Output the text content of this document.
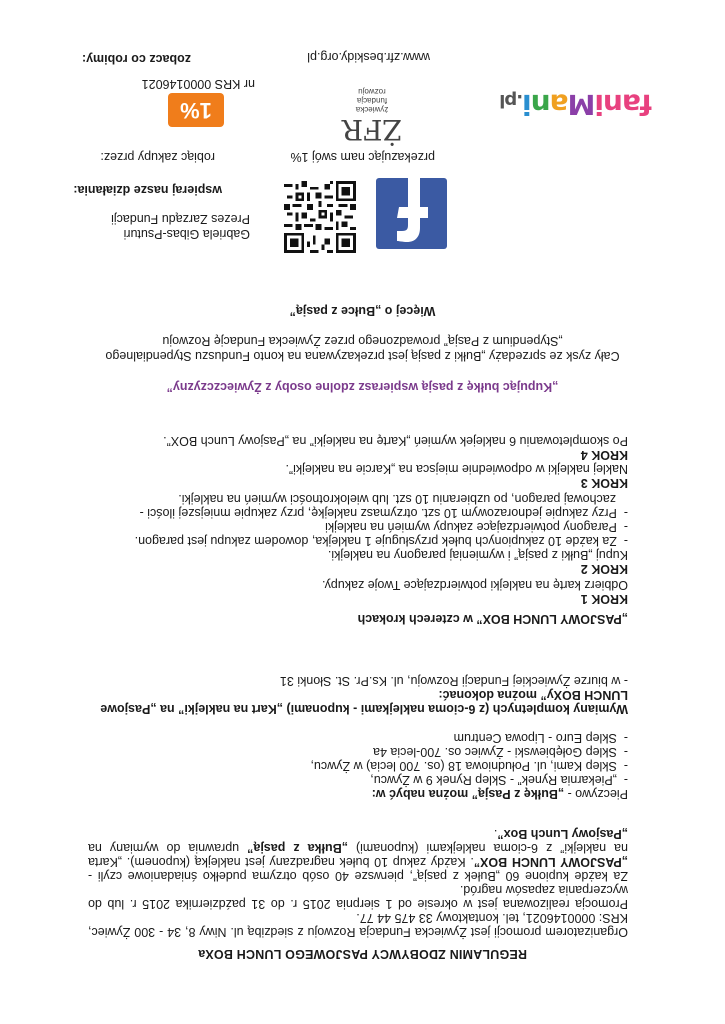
REGULAMIN ZDOBYWCY PASJOWEGO LUNCH BOXa
Organizatorem promocji jest Żywiecka Fundacja Rozwoju z siedzibą ul. Niwy 8, 34 - 300 Żywiec, KRS: 0000146021, tel. kontaktowy 33 475 44 77.
Promocja realizowana jest w okresie od 1 sierpnia 2015 r. do 31 października 2015 r. lub do wyczerpania zapasów nagród.
Za każde kupione 60 „Bułek z pasją”, pierwsze 40 osób otrzyma pudełko śniadaniowe czyli - „PASJOWY LUNCH BOX”. Każdy zakup 10 bułek nagradzany jest naklejką (kuponem). „Karta na naklejki” z 6-cioma naklejkami (kuponami) „Bułka z pasją” uprawnia do wymiany na „Pasjowy Lunch Box”.
Pieczywo - „Bułkę z Pasją” można nabyć w:
-  „Piekarnia Rynek” - Sklep Rynek 9 w Żywcu,
-  Sklep Kami, ul. Południowa 18 (os. 700 lecia) w Żywcu,
-  Sklep Gołębiewski - Żywiec os. 700-lecia 4a
-  Sklep Euro - Lipowa Centrum
Wymiany kompletnych (z 6-cioma naklejkami - kuponami) „Kart na naklejki” na „Pasjowe LUNCH BOXy” można dokonać:
- w biurze Żywieckiej Fundacji Rozwoju, ul. Ks.Pr. St. Słonki 31
„PASJOWY LUNCH BOX” w czterech krokach
KROK 1
Odbierz kartę na naklejki potwierdzające Twoje zakupy.
KROK 2
Kupuj „Bułki z pasją” i wymieniaj paragony na naklejki.
-  Za każde 10 zakupionych bułek przysługuje 1 naklejka, dowodem zakupu jest paragon.
-  Paragony potwierdzające zakupy wymień na naklejki
-  Przy zakupie jednorazowym 10 szt. otrzymasz naklejkę, przy zakupie mniejszej ilości - zachowaj paragon, po uzbieraniu 10 szt. lub wielokrotności wymień na naklejki.
KROK 3
Naklej naklejki w odpowiednie miejsca na „Karcie na naklejki”.
KROK 4
Po skompletowaniu 6 naklejek wymień „Kartę na naklejki” na „Pasjowy Lunch BOX”.
„Kupując bułkę z pasją wspierasz zdolne osoby z Żywieczczyzny”
Cały zysk ze sprzedaży „Bułki z pasją jest przekazywana na konto Funduszu Stypendialnego
„Stypendium z Pasją” prowadzonego przez Żywiecka Fundację Rozwoju
Więcej o „Bułce z pasją”
Gabriela Gibas-Psuturi
Prezes Zarządu Fundacji
wspieraj nasze działania:
robiąc zakupy przez:	przekazując nam swój 1%
nr KRS 0000146021
faniMani.pl
ŻFR
żywiecka
fundacja
rozwoju
1%
www.zfr.beskidy.org.pl
zobacz co robimy:
